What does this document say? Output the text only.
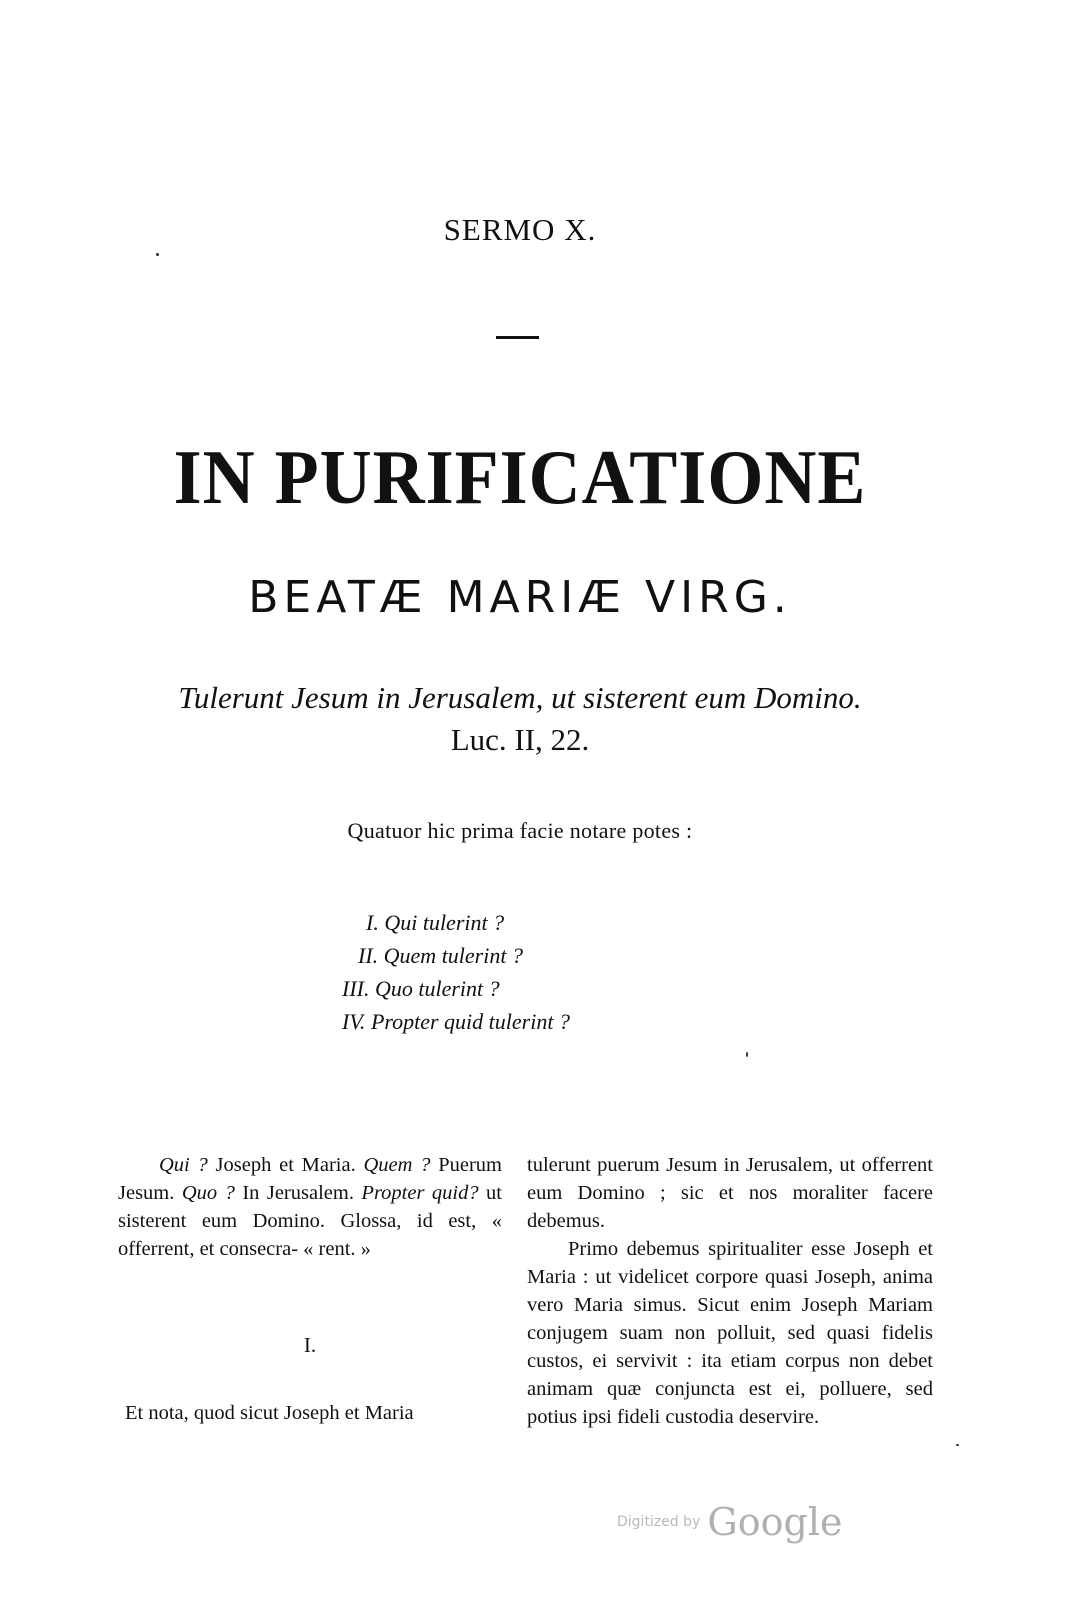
SERMO X.
IN PURIFICATIONE
BEATÆ MARIÆ VIRG.
Tulerunt Jesum in Jerusalem, ut sisterent eum Domino.
Luc. II, 22.
Quatuor hic prima facie notare potes :
I. Qui tulerint ?
II. Quem tulerint ?
III. Quo tulerint ?
IV. Propter quid tulerint ?

Qui ? Joseph et Maria. Quem ? Puerum Jesum. Quo ? In Jerusalem. Propter quid? ut sisterent eum Domino. Glossa, id est, « offerrent, et consecra- « rent. »

I.

Et nota, quod sicut Joseph et Maria

tulerunt puerum Jesum in Jerusalem, ut offerrent eum Domino ; sic et nos moraliter facere debemus.

Primo debemus spiritualiter esse Joseph et Maria : ut videlicet corpore quasi Joseph, anima vero Maria simus. Sicut enim Joseph Mariam conjugem suam non polluit, sed quasi fidelis custos, ei servivit : ita etiam corpus non debet animam quæ conjuncta est ei, polluere, sed potius ipsi fideli custodia deservire.

Digitized by Google
